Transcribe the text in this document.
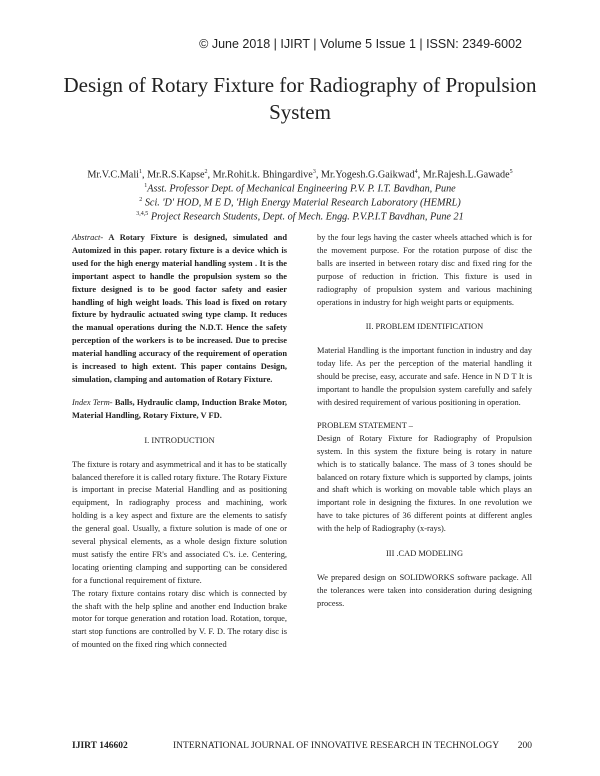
© June 2018 | IJIRT | Volume 5 Issue 1 | ISSN: 2349-6002
Design of Rotary Fixture for Radiography of Propulsion System
Mr.V.C.Mali$^1$, Mr.R.S.Kapse$^2$, Mr.Rohit.k. Bhingardive$^3$, Mr.Yogesh.G.Gaikwad$^4$, Mr.Rajesh.L.Gawade$^5$
$^1$Asst. Professor Dept. of Mechanical Engineering P.V. P. I.T. Bavdhan, Pune
$^2$ Sci. 'D' HOD, M E D, 'High Energy Material Research Laboratory (HEMRL)
$^{3,4,5}$ Project Research Students, Dept. of Mech. Engg. P.V.P.I.T Bavdhan, Pune 21

Abstract- A Rotary Fixture is designed, simulated and Automized in this paper. rotary fixture is a device which is used for the high energy material handling system . It is the important aspect to handle the propulsion system so the fixture designed is to be good factor safety and easier handling of high weight loads. This load is fixed on rotary fixture by hydraulic actuated swing type clamp. It reduces the manual operations during the N.D.T. Hence the safety perception of the workers is to be increased. Due to precise material handling accuracy of the requirement of operation is increased to high extent. This paper contains Design, simulation, clamping and automation of Rotary Fixture.

Index Term- Balls, Hydraulic clamp, Induction Brake Motor, Material Handling, Rotary Fixture, V FD.

I. INTRODUCTION

The fixture is rotary and asymmetrical and it has to be statically balanced therefore it is called rotary fixture. The Rotary Fixture is important in precise Material Handling and as positioning equipment, In radiography process and machining, work holding is a key aspect and fixture are the elements to satisfy the general goal. Usually, a fixture solution is made of one or several physical elements, as a whole design fixture solution must satisfy the entire FR's and associated C's. i.e. Centering, locating orienting clamping and supporting can be considered for a functional requirement of fixture.

The rotary fixture contains rotary disc which is connected by the shaft with the help spline and another end Induction brake motor for torque generation and rotation load. Rotation, torque, start stop functions are controlled by V. F. D. The rotary disc is of mounted on the fixed ring which connected

by the four legs having the caster wheels attached which is for the movement purpose. For the rotation purpose of disc the balls are inserted in between rotary disc and fixed ring for the purpose of reduction in friction. This fixture is used in radiography of propulsion system and various machining operations in industry for high weight parts or equipments.

II. PROBLEM IDENTIFICATION

Material Handling is the important function in industry and day today life. As per the perception of the material handling it should be precise, easy, accurate and safe. Hence in N D T It is important to handle the propulsion system carefully and safely with desired requirement of various positioning in operation.

PROBLEM STATEMENT –

Design of Rotary Fixture for Radiography of Propulsion system. In this system the fixture being is rotary in nature which is to statically balance. The mass of 3 tones should be balanced on rotary fixture which is supported by clamps, joints and shaft which is working on movable table which plays an important role in designing the fixtures. In one revolution we have to take pictures of 36 different points at different angles with the help of Radiography (x-rays).

III .CAD MODELING

We prepared design on SOLIDWORKS software package. All the tolerances were taken into consideration during designing process.

IJIRT 146602	INTERNATIONAL JOURNAL OF INNOVATIVE RESEARCH IN TECHNOLOGY 200
